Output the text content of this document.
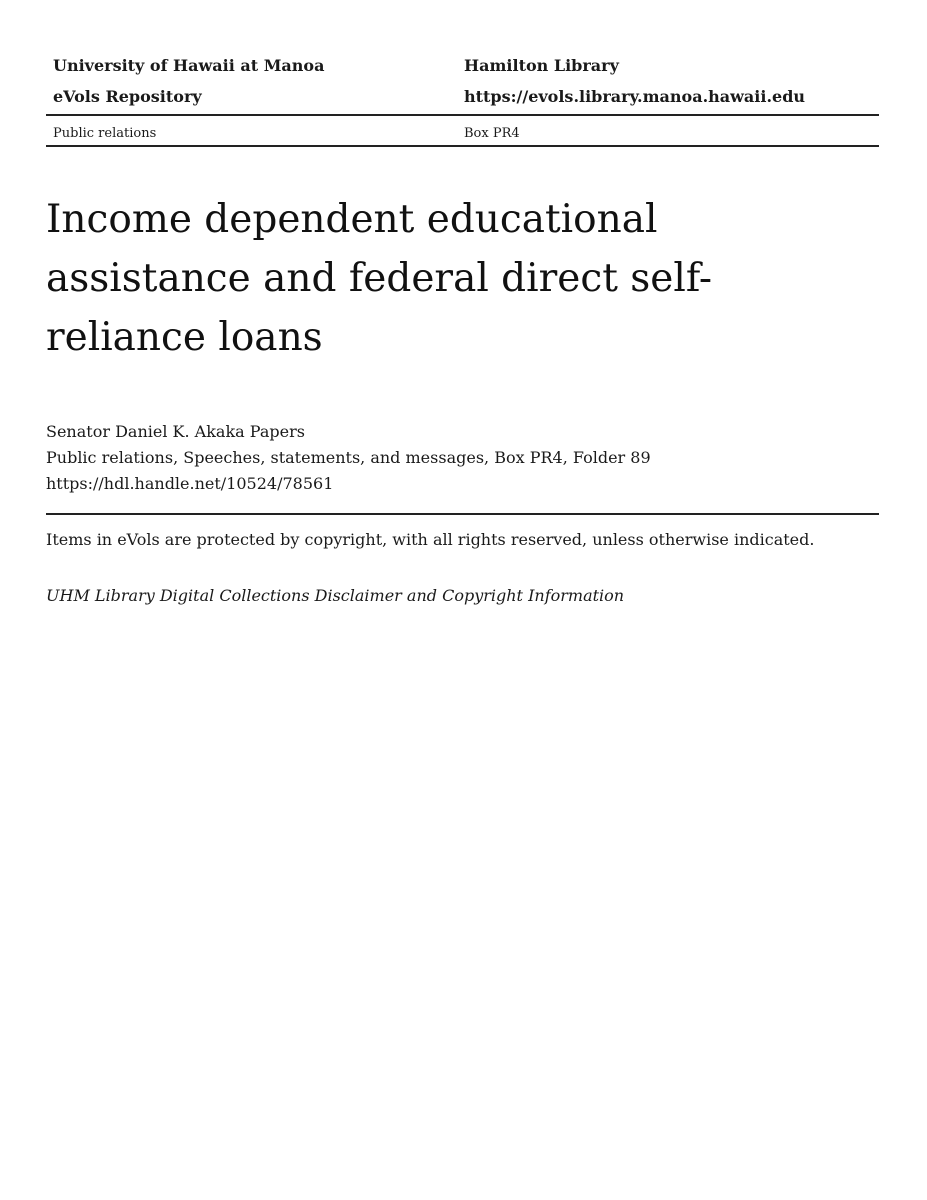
University of Hawaii at Manoa	Hamilton Library
eVols Repository	https://evols.library.manoa.hawaii.edu
Public relations	Box PR4
Income dependent educational assistance and federal direct self-reliance loans
Senator Daniel K. Akaka Papers
Public relations, Speeches, statements, and messages, Box PR4, Folder 89
https://hdl.handle.net/10524/78561
Items in eVols are protected by copyright, with all rights reserved, unless otherwise indicated.
UHM Library Digital Collections Disclaimer and Copyright Information
